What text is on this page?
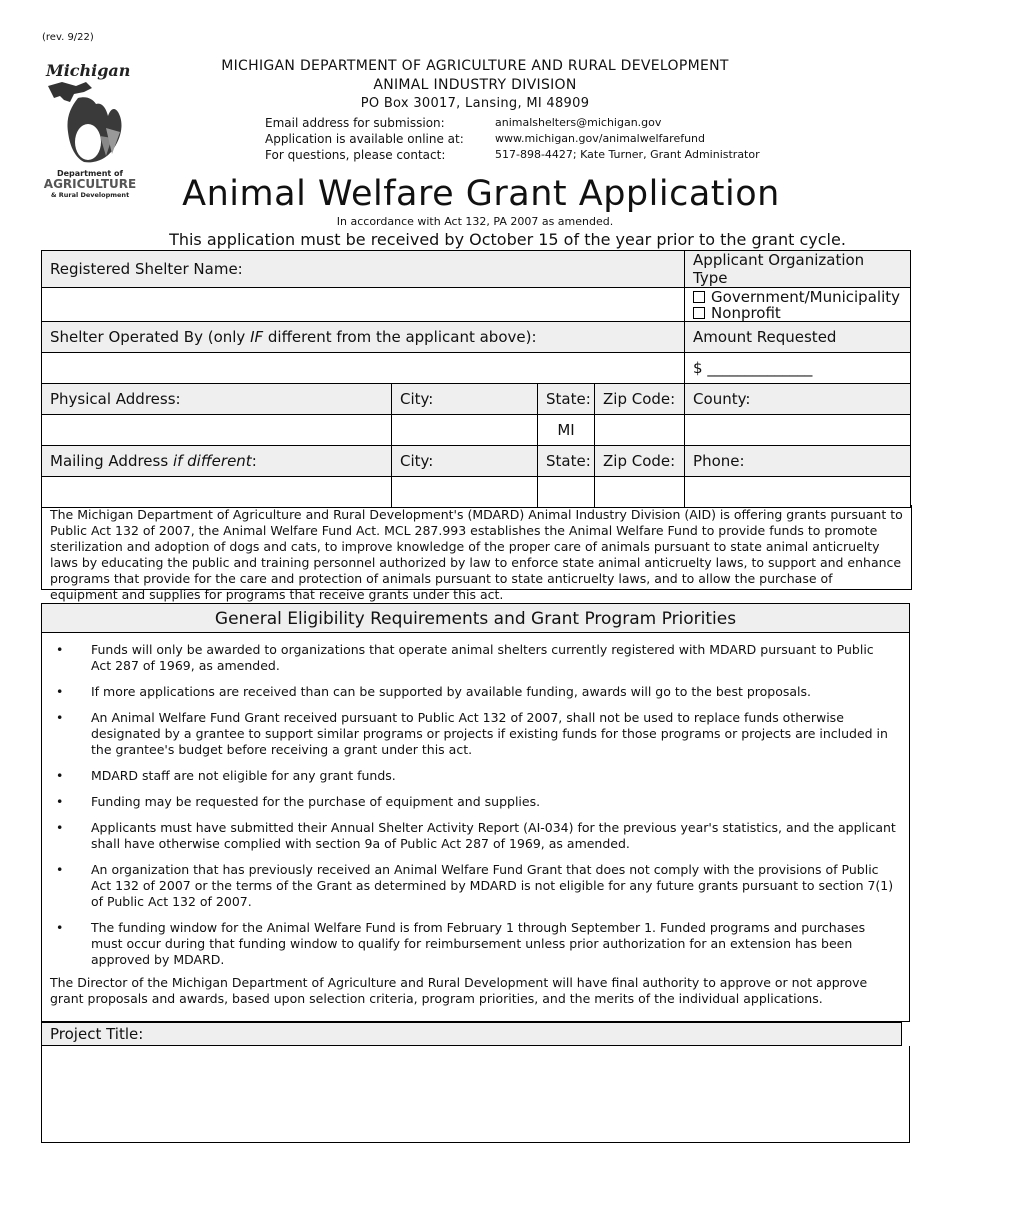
(rev. 9/22)
Michigan
Department of
AGRICULTURE
& Rural Development
MICHIGAN DEPARTMENT OF AGRICULTURE AND RURAL DEVELOPMENT
ANIMAL INDUSTRY DIVISION
PO Box 30017, Lansing, MI 48909
Email address for submission:	animalshelters@michigan.gov
Application is available online at:	www.michigan.gov/animalwelfarefund
For questions, please contact:	517-898-4427; Kate Turner, Grant Administrator
Animal Welfare Grant Application
In accordance with Act 132, PA 2007 as amended.
This application must be received by October 15 of the year prior to the grant cycle.
Registered Shelter Name:				Applicant Organization Type

				Government/Municipality
Nonprofit

Shelter Operated By (only IF different from the applicant above):				Amount Requested
				$ ______________
Physical Address:	City:	State:	Zip Code:	County:
		MI		
Mailing Address if different:	City:	State:	Zip Code:	Phone:

The Michigan Department of Agriculture and Rural Development's (MDARD) Animal Industry Division (AID) is offering grants pursuant to Public Act 132 of 2007, the Animal Welfare Fund Act. MCL 287.993 establishes the Animal Welfare Fund to provide funds to promote sterilization and adoption of dogs and cats, to improve knowledge of the proper care of animals pursuant to state animal anticruelty laws by educating the public and training personnel authorized by law to enforce state animal anticruelty laws, to support and enhance programs that provide for the care and protection of animals pursuant to state anticruelty laws, and to allow the purchase of equipment and supplies for programs that receive grants under this act.
General Eligibility Requirements and Grant Program Priorities
• Funds will only be awarded to organizations that operate animal shelters currently registered with MDARD pursuant to Public Act 287 of 1969, as amended.
• If more applications are received than can be supported by available funding, awards will go to the best proposals.
• An Animal Welfare Fund Grant received pursuant to Public Act 132 of 2007, shall not be used to replace funds otherwise designated by a grantee to support similar programs or projects if existing funds for those programs or projects are included in the grantee's budget before receiving a grant under this act.
• MDARD staff are not eligible for any grant funds.
• Funding may be requested for the purchase of equipment and supplies.
• Applicants must have submitted their Annual Shelter Activity Report (AI-034) for the previous year's statistics, and the applicant shall have otherwise complied with section 9a of Public Act 287 of 1969, as amended.
• An organization that has previously received an Animal Welfare Fund Grant that does not comply with the provisions of Public Act 132 of 2007 or the terms of the Grant as determined by MDARD is not eligible for any future grants pursuant to section 7(1) of Public Act 132 of 2007.
• The funding window for the Animal Welfare Fund is from February 1 through September 1. Funded programs and purchases must occur during that funding window to qualify for reimbursement unless prior authorization for an extension has been approved by MDARD.
The Director of the Michigan Department of Agriculture and Rural Development will have final authority to approve or not approve grant proposals and awards, based upon selection criteria, program priorities, and the merits of the individual applications.
Project Title:
